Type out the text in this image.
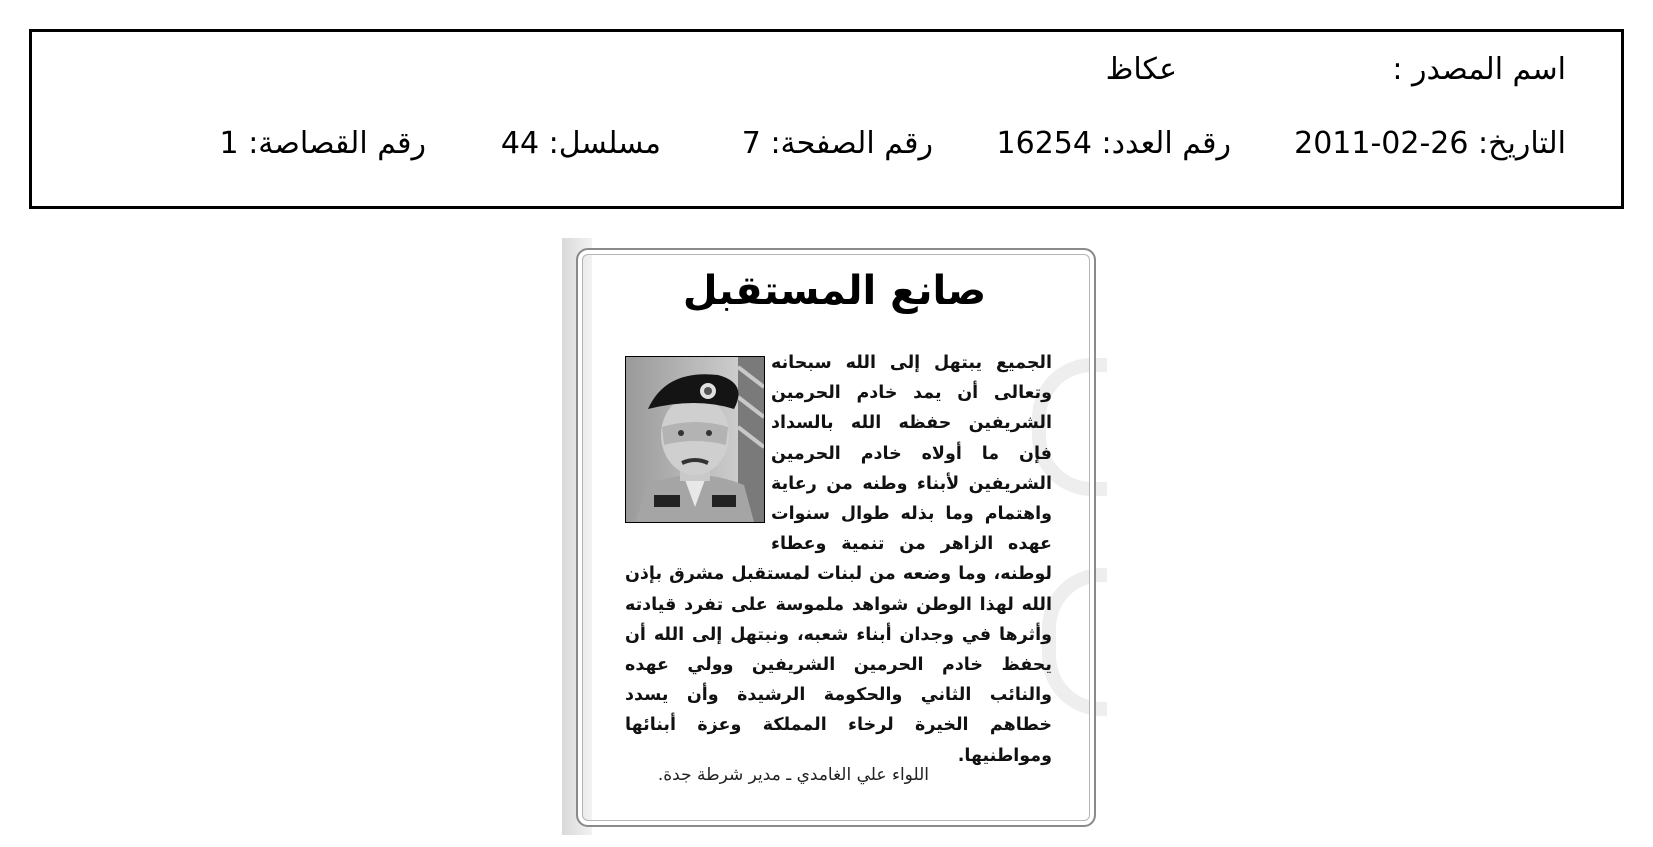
اسم المصدر :
عكاظ
التاريخ: 2011-02-26
رقم العدد: 16254
رقم الصفحة: 7
مسلسل: 44
رقم القصاصة: 1
صانع المستقبل
الجميع يبتهل إلى الله سبحانه وتعالى أن يمد خادم الحرمين الشريفين حفظه الله بالسداد فإن ما أولاه خادم الحرمين الشريفين لأبناء وطنه من رعاية واهتمام وما بذله طوال سنوات عهده الزاهر من تنمية وعطاء لوطنه، وما وضعه من لبنات لمستقبل مشرق بإذن الله لهذا الوطن شواهد ملموسة على تفرد قيادته وأثرها في وجدان أبناء شعبه، ونبتهل إلى الله أن يحفظ خادم الحرمين الشريفين وولي عهده والنائب الثاني والحكومة الرشيدة وأن يسدد خطاهم الخيرة لرخاء المملكة وعزة أبنائها ومواطنيها.
اللواء علي الغامدي ـ مدير شرطة جدة.
